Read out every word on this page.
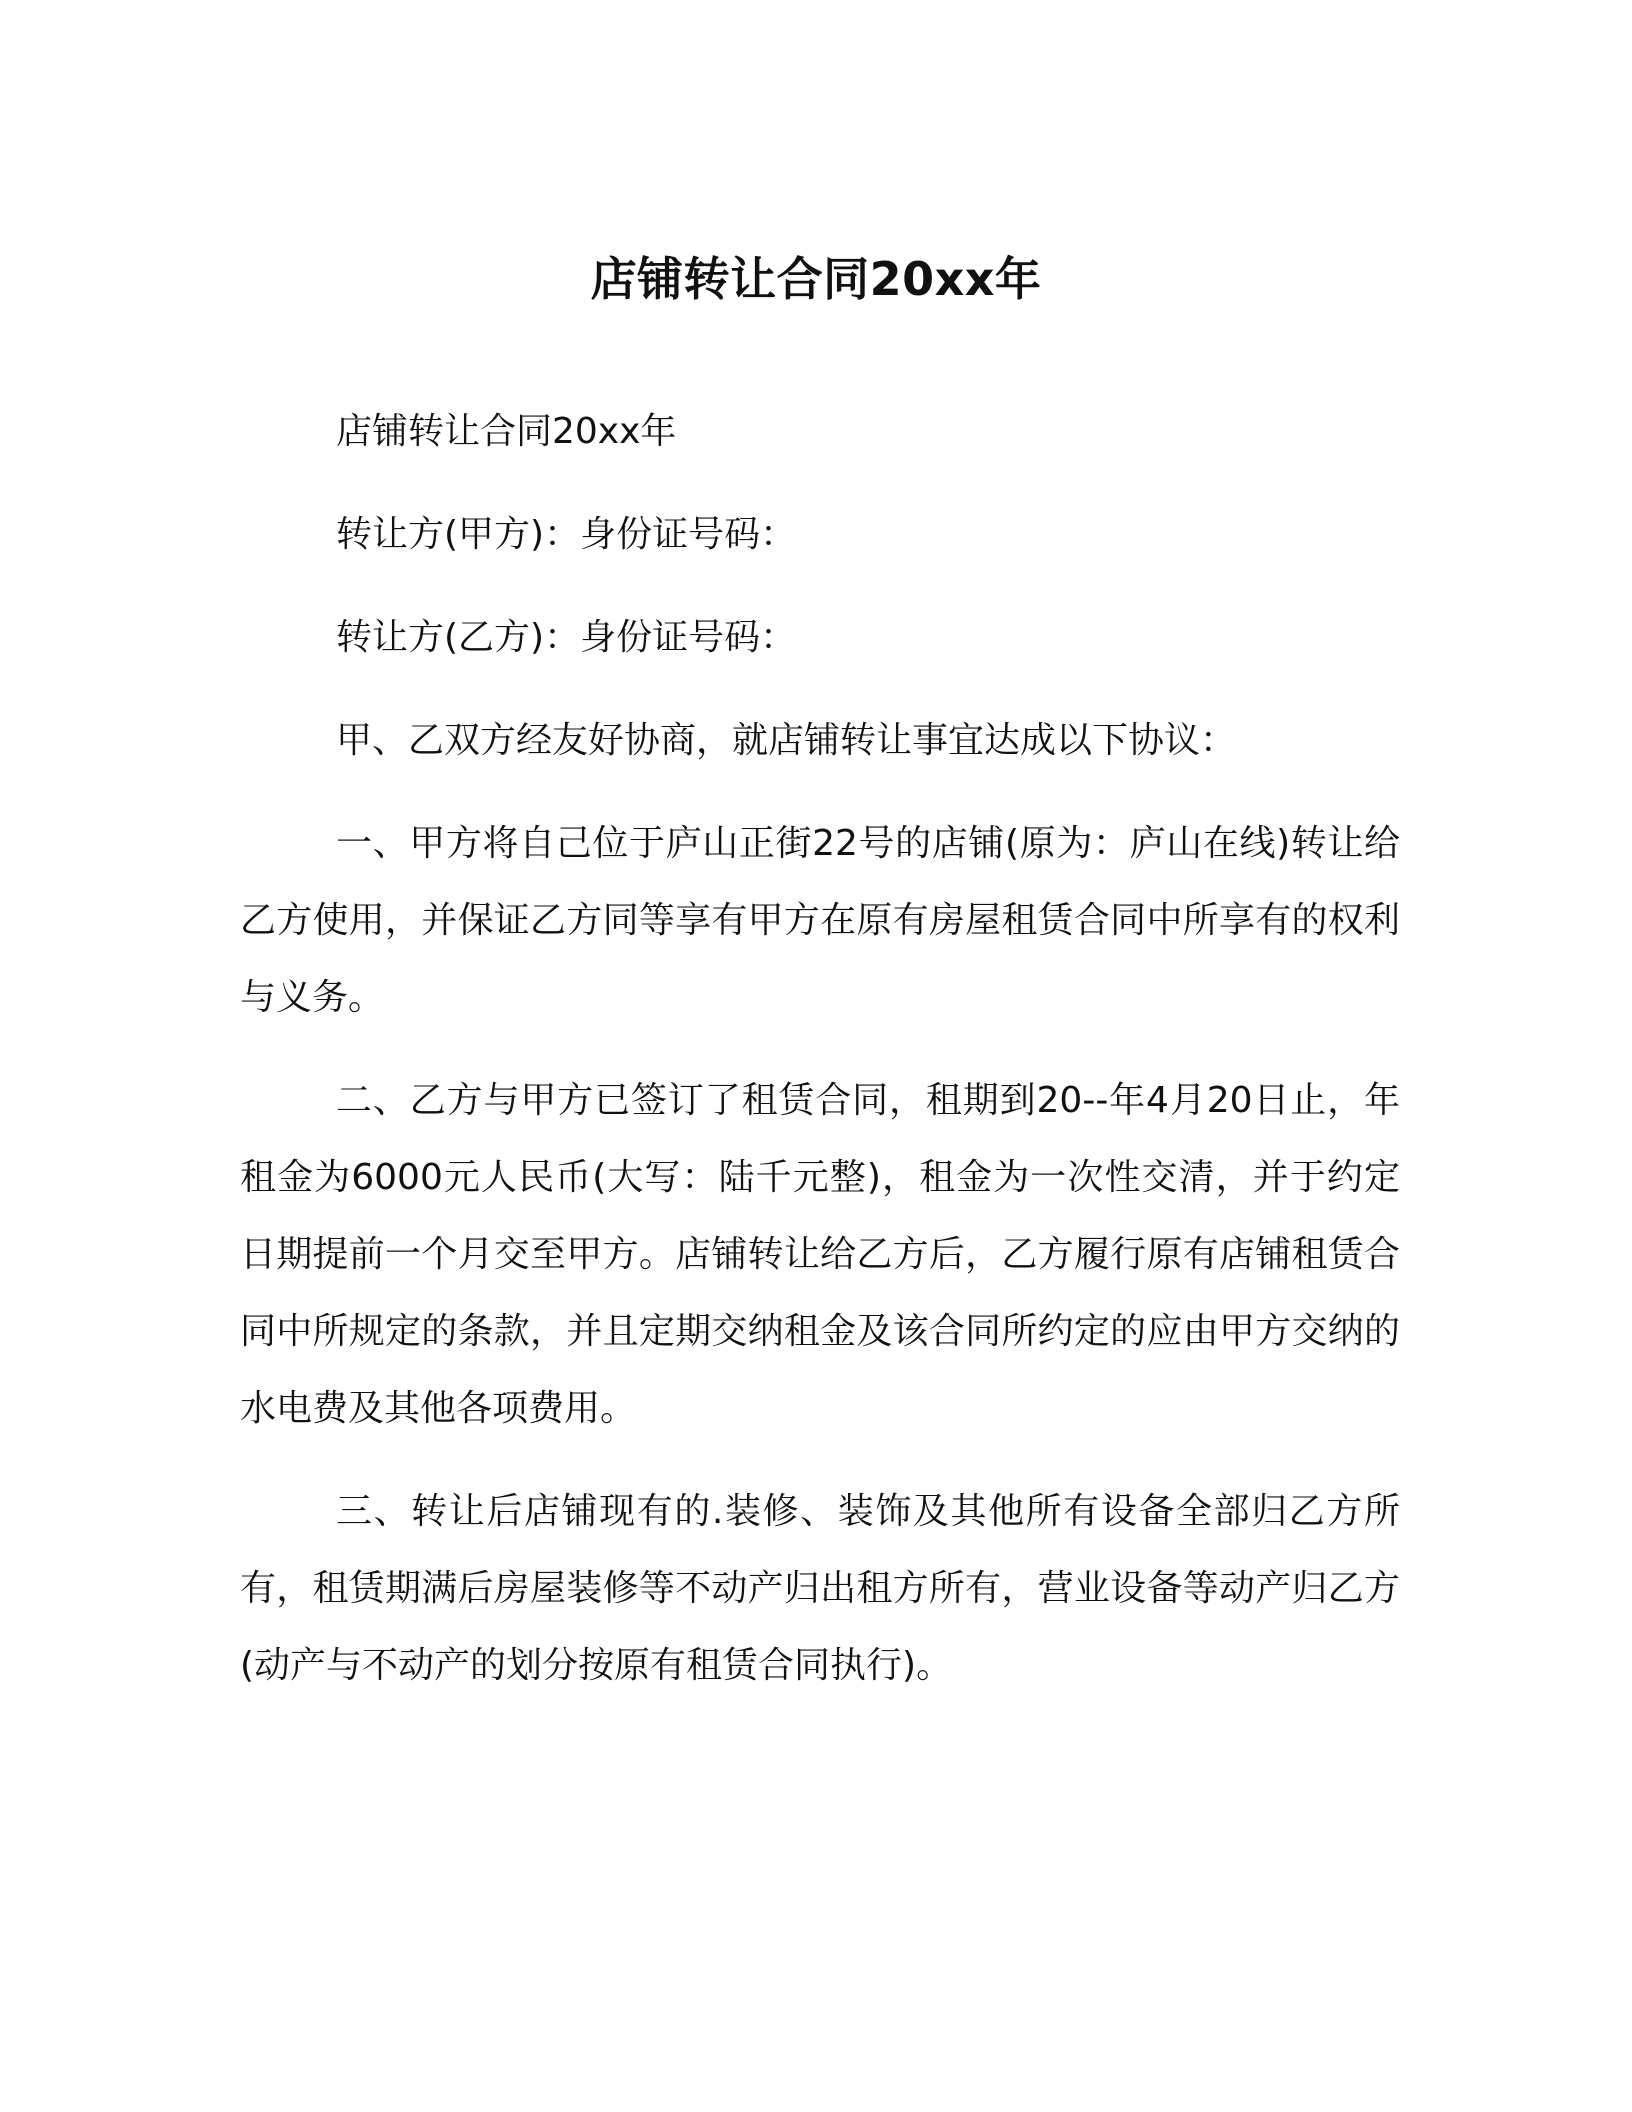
店铺转让合同20xx年

店铺转让合同20xx年

转让方(甲方)：身份证号码：

转让方(乙方)：身份证号码：

甲、乙双方经友好协商，就店铺转让事宜达成以下协议：

一、甲方将自己位于庐山正街22号的店铺(原为：庐山在线)转让给乙方使用，并保证乙方同等享有甲方在原有房屋租赁合同中所享有的权利与义务。

二、乙方与甲方已签订了租赁合同，租期到20--年4月20日止，年租金为6000元人民币(大写：陆千元整)，租金为一次性交清，并于约定日期提前一个月交至甲方。店铺转让给乙方后，乙方履行原有店铺租赁合同中所规定的条款，并且定期交纳租金及该合同所约定的应由甲方交纳的水电费及其他各项费用。

三、转让后店铺现有的.装修、装饰及其他所有设备全部归乙方所有，租赁期满后房屋装修等不动产归出租方所有，营业设备等动产归乙方(动产与不动产的划分按原有租赁合同执行)。
